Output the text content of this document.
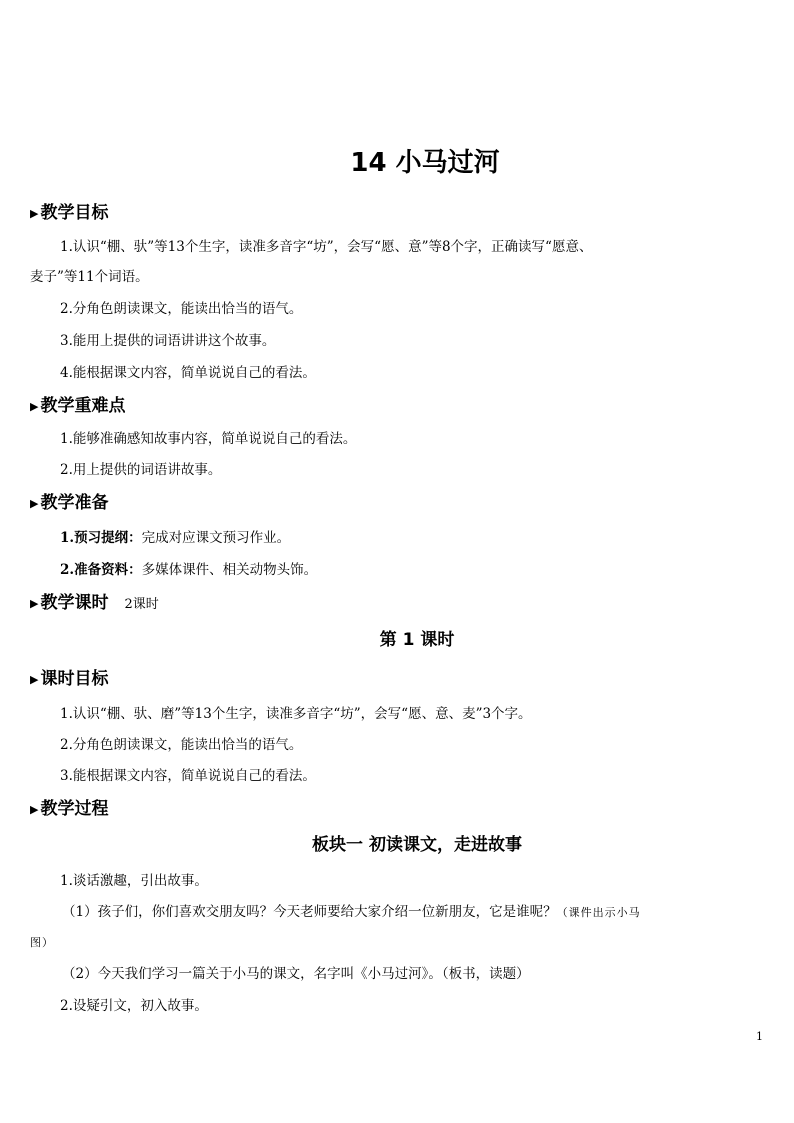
14 小马过河
▶ 教学目标
1.认识“棚、驮”等13个生字，读准多音字“坊”，会写“愿、意”等8个字，正确读写“愿意、
麦子”等11个词语。
2.分角色朗读课文，能读出恰当的语气。
3.能用上提供的词语讲讲这个故事。
4.能根据课文内容，简单说说自己的看法。
▶ 教学重难点
1.能够准确感知故事内容，简单说说自己的看法。
2.用上提供的词语讲故事。
▶ 教学准备
1.预习提纲：完成对应课文预习作业。
2.准备资料：多媒体课件、相关动物头饰。
▶ 教学课时 2课时
第 1 课时
▶ 课时目标
1.认识“棚、驮、磨”等13个生字，读准多音字“坊”，会写“愿、意、麦”3个字。
2.分角色朗读课文，能读出恰当的语气。
3.能根据课文内容，简单说说自己的看法。
▶ 教学过程
板块一 初读课文，走进故事
1.谈话激趣，引出故事。
（1）孩子们，你们喜欢交朋友吗？今天老师要给大家介绍一位新朋友，它是谁呢？（课件出示小马
图）
（2）今天我们学习一篇关于小马的课文，名字叫《小马过河》。（板书，读题）
2.设疑引文，初入故事。
1
